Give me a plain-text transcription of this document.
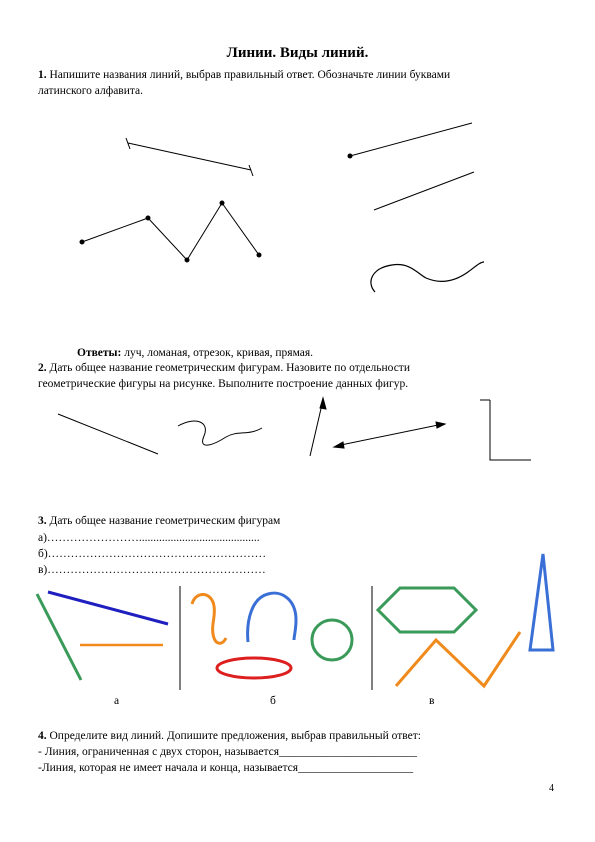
Линии. Виды линий.
1. Напишите названия линий, выбрав правильный ответ. Обозначьте линии буквами
латинского алфавита.
Ответы: луч, ломаная, отрезок, кривая, прямая.
2. Дать общее название геометрическим фигурам. Назовите по отдельности
геометрические фигуры на рисунке. Выполните построение данных фигур.
3. Дать общее название геометрическим фигурам
а)……………………..........................................
б)…………………………………………………
в)…………………………………………………
а	б	в
4. Определите вид линий. Допишите предложения, выбрав правильный ответ:
- Линия, ограниченная с двух сторон, называется________________________
-Линия, которая не имеет начала и конца, называется____________________
4
